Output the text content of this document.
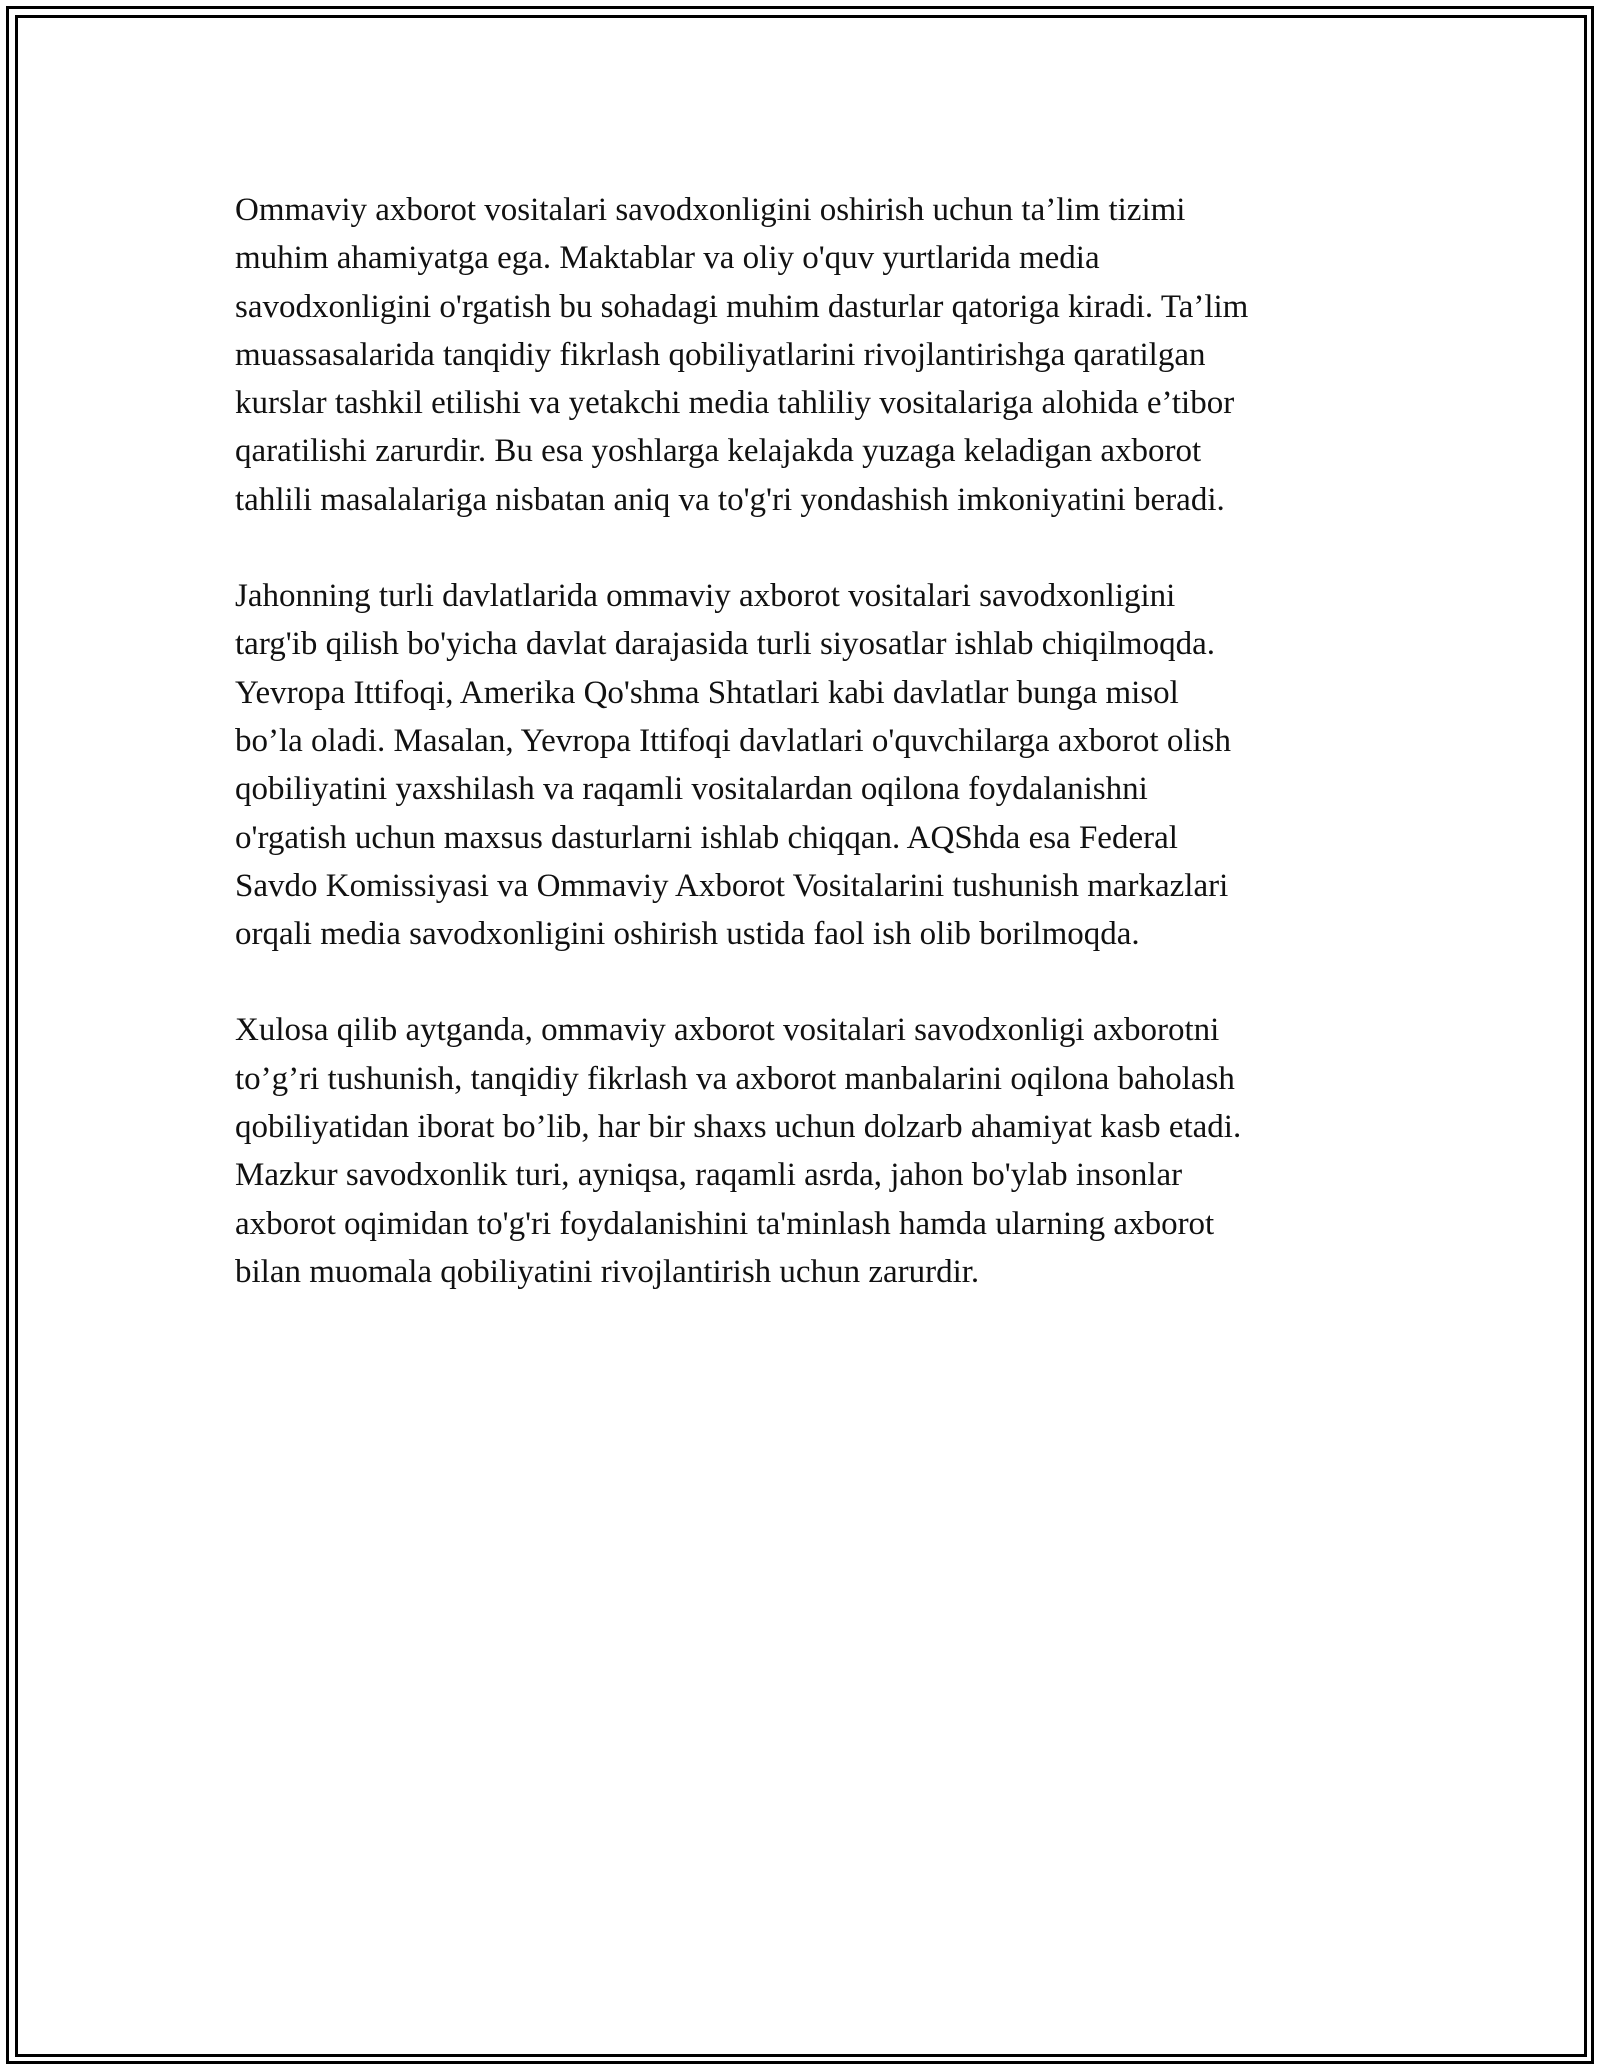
Ommaviy axborot vositalari savodxonligini oshirish uchun ta’lim tizimi
muhim ahamiyatga ega. Maktablar va oliy o'quv yurtlarida media
savodxonligini o'rgatish bu sohadagi muhim dasturlar qatoriga kiradi. Ta’lim
muassasalarida tanqidiy fikrlash qobiliyatlarini rivojlantirishga qaratilgan
kurslar tashkil etilishi va yetakchi media tahliliy vositalariga alohida e’tibor
qaratilishi zarurdir. Bu esa yoshlarga kelajakda yuzaga keladigan axborot
tahlili masalalariga nisbatan aniq va to'g'ri yondashish imkoniyatini beradi.

Jahonning turli davlatlarida ommaviy axborot vositalari savodxonligini
targ'ib qilish bo'yicha davlat darajasida turli siyosatlar ishlab chiqilmoqda.
Yevropa Ittifoqi, Amerika Qo'shma Shtatlari kabi davlatlar bunga misol
bo’la oladi. Masalan, Yevropa Ittifoqi davlatlari o'quvchilarga axborot olish
qobiliyatini yaxshilash va raqamli vositalardan oqilona foydalanishni
o'rgatish uchun maxsus dasturlarni ishlab chiqqan. AQShda esa Federal
Savdo Komissiyasi va Ommaviy Axborot Vositalarini tushunish markazlari
orqali media savodxonligini oshirish ustida faol ish olib borilmoqda.

Xulosa qilib aytganda, ommaviy axborot vositalari savodxonligi axborotni
to’g’ri tushunish, tanqidiy fikrlash va axborot manbalarini oqilona baholash
qobiliyatidan iborat bo’lib, har bir shaxs uchun dolzarb ahamiyat kasb etadi.
Mazkur savodxonlik turi, ayniqsa, raqamli asrda, jahon bo'ylab insonlar
axborot oqimidan to'g'ri foydalanishini ta'minlash hamda ularning axborot
bilan muomala qobiliyatini rivojlantirish uchun zarurdir.
